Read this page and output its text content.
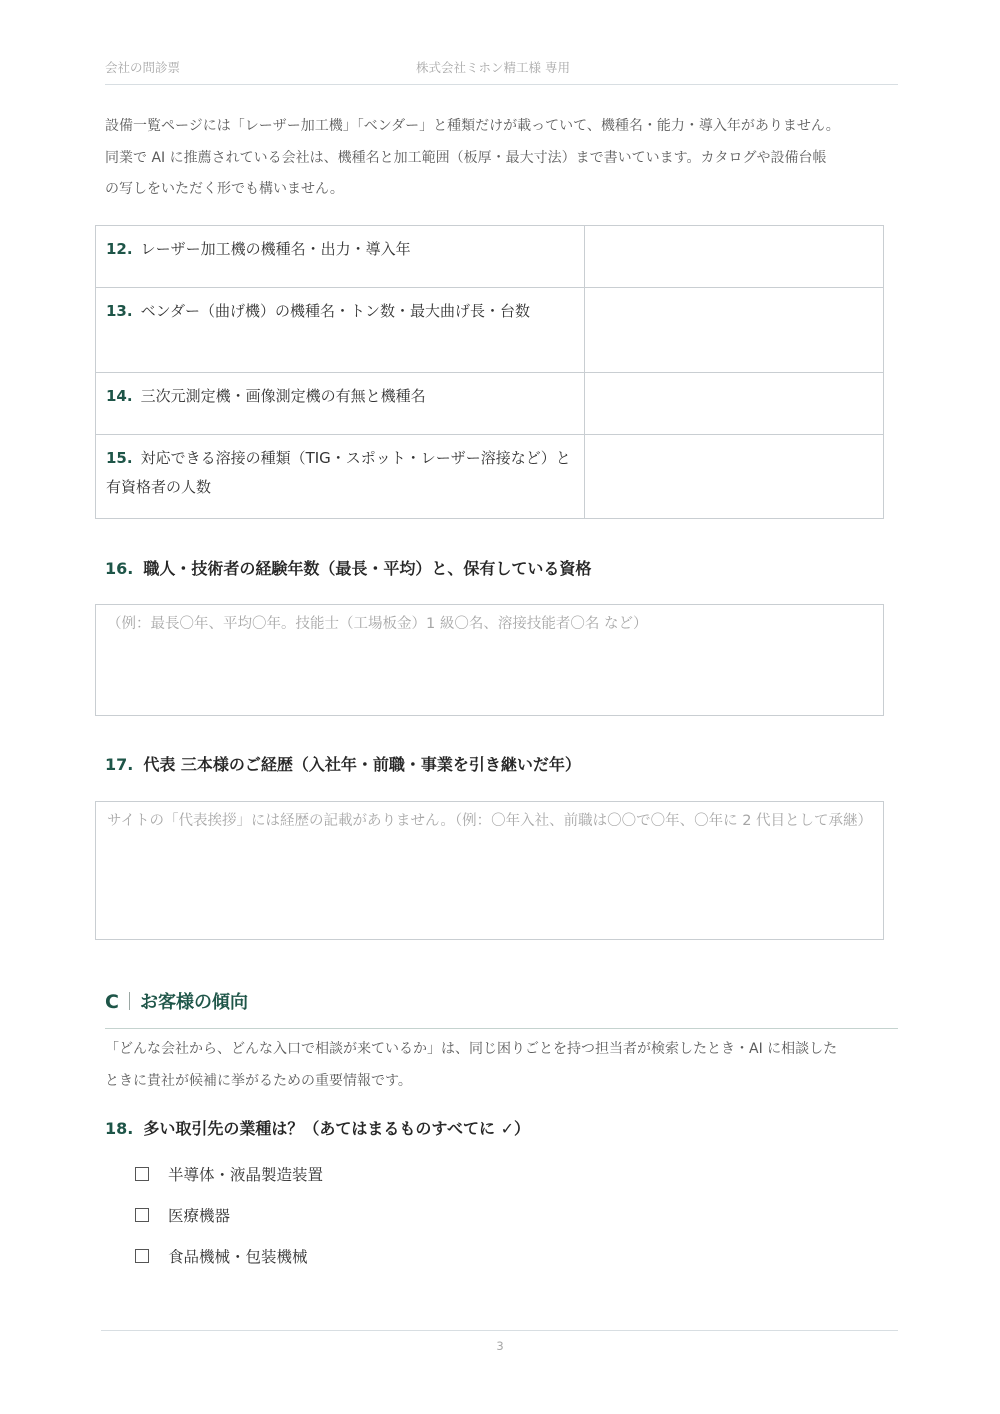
会社の問診票	株式会社ミホン精工様 専用
設備一覧ページには「レーザー加工機」「ベンダー」と種類だけが載っていて、機種名・能力・導入年がありません。
同業で AI に推薦されている会社は、機種名と加工範囲（板厚・最大寸法）まで書いています。カタログや設備台帳
の写しをいただく形でも構いません。
12. レーザー加工機の機種名・出力・導入年	
13. ベンダー（曲げ機）の機種名・トン数・最大曲げ長・台数	
14. 三次元測定機・画像測定機の有無と機種名	
15. 対応できる溶接の種類（TIG・スポット・レーザー溶接など）と有資格者の人数	
16. 職人・技術者の経験年数（最長・平均）と、保有している資格
（例：最長〇年、平均〇年。技能士（工場板金）1 級〇名、溶接技能者〇名 など）
17. 代表 三本様のご経歴（入社年・前職・事業を引き継いだ年）
サイトの「代表挨拶」には経歴の記載がありません。（例：〇年入社、前職は〇〇で〇年、〇年に 2 代目として承継）
C お客様の傾向
「どんな会社から、どんな入口で相談が来ているか」は、同じ困りごとを持つ担当者が検索したとき・AI に相談した
ときに貴社が候補に挙がるための重要情報です。
18. 多い取引先の業種は？（あてはまるものすべてに ✓）
半導体・液晶製造装置
医療機器
食品機械・包装機械
3
